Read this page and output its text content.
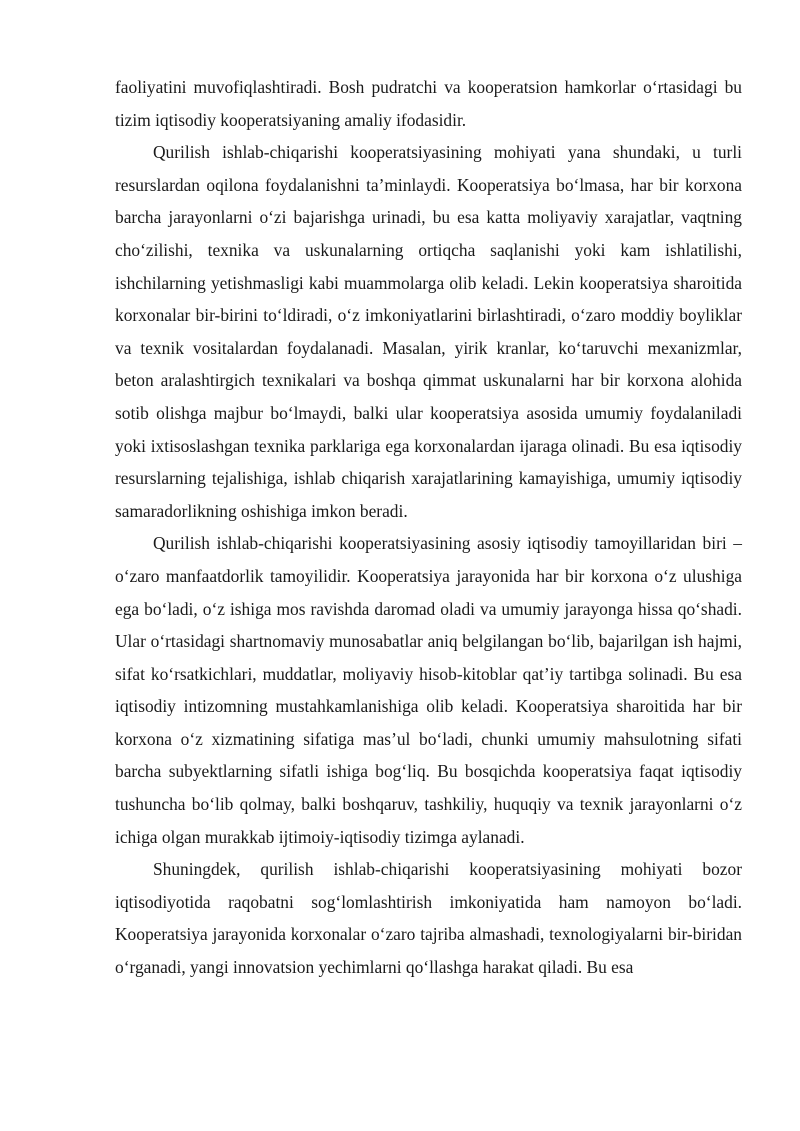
faoliyatini muvofiqlashtiradi. Bosh pudratchi va kooperatsion hamkorlar o‘rtasidagi bu tizim iqtisodiy kooperatsiyaning amaliy ifodasidir.

Qurilish ishlab-chiqarishi kooperatsiyasining mohiyati yana shundaki, u turli resurslardan oqilona foydalanishni ta’minlaydi. Kooperatsiya bo‘lmasa, har bir korxona barcha jarayonlarni o‘zi bajarishga urinadi, bu esa katta moliyaviy xarajatlar, vaqtning cho‘zilishi, texnika va uskunalarning ortiqcha saqlanishi yoki kam ishlatilishi, ishchilarning yetishmasligi kabi muammolarga olib keladi. Lekin kooperatsiya sharoitida korxonalar bir-birini to‘ldiradi, o‘z imkoniyatlarini birlashtiradi, o‘zaro moddiy boyliklar va texnik vositalardan foydalanadi. Masalan, yirik kranlar, ko‘taruvchi mexanizmlar, beton aralashtirgich texnikalari va boshqa qimmat uskunalarni har bir korxona alohida sotib olishga majbur bo‘lmaydi, balki ular kooperatsiya asosida umumiy foydalaniladi yoki ixtisoslashgan texnika parklariga ega korxonalardan ijaraga olinadi. Bu esa iqtisodiy resurslarning tejalishiga, ishlab chiqarish xarajatlarining kamayishiga, umumiy iqtisodiy samaradorlikning oshishiga imkon beradi.

Qurilish ishlab-chiqarishi kooperatsiyasining asosiy iqtisodiy tamoyillaridan biri – o‘zaro manfaatdorlik tamoyilidir. Kooperatsiya jarayonida har bir korxona o‘z ulushiga ega bo‘ladi, o‘z ishiga mos ravishda daromad oladi va umumiy jarayonga hissa qo‘shadi. Ular o‘rtasidagi shartnomaviy munosabatlar aniq belgilangan bo‘lib, bajarilgan ish hajmi, sifat ko‘rsatkichlari, muddatlar, moliyaviy hisob-kitoblar qat’iy tartibga solinadi. Bu esa iqtisodiy intizomning mustahkamlanishiga olib keladi. Kooperatsiya sharoitida har bir korxona o‘z xizmatining sifatiga mas’ul bo‘ladi, chunki umumiy mahsulotning sifati barcha subyektlarning sifatli ishiga bog‘liq. Bu bosqichda kooperatsiya faqat iqtisodiy tushuncha bo‘lib qolmay, balki boshqaruv, tashkiliy, huquqiy va texnik jarayonlarni o‘z ichiga olgan murakkab ijtimoiy-iqtisodiy tizimga aylanadi.

Shuningdek, qurilish ishlab-chiqarishi kooperatsiyasining mohiyati bozor iqtisodiyotida raqobatni sog‘lomlashtirish imkoniyatida ham namoyon bo‘ladi. Kooperatsiya jarayonida korxonalar o‘zaro tajriba almashadi, texnologiyalarni bir-biridan o‘rganadi, yangi innovatsion yechimlarni qo‘llashga harakat qiladi. Bu esa
